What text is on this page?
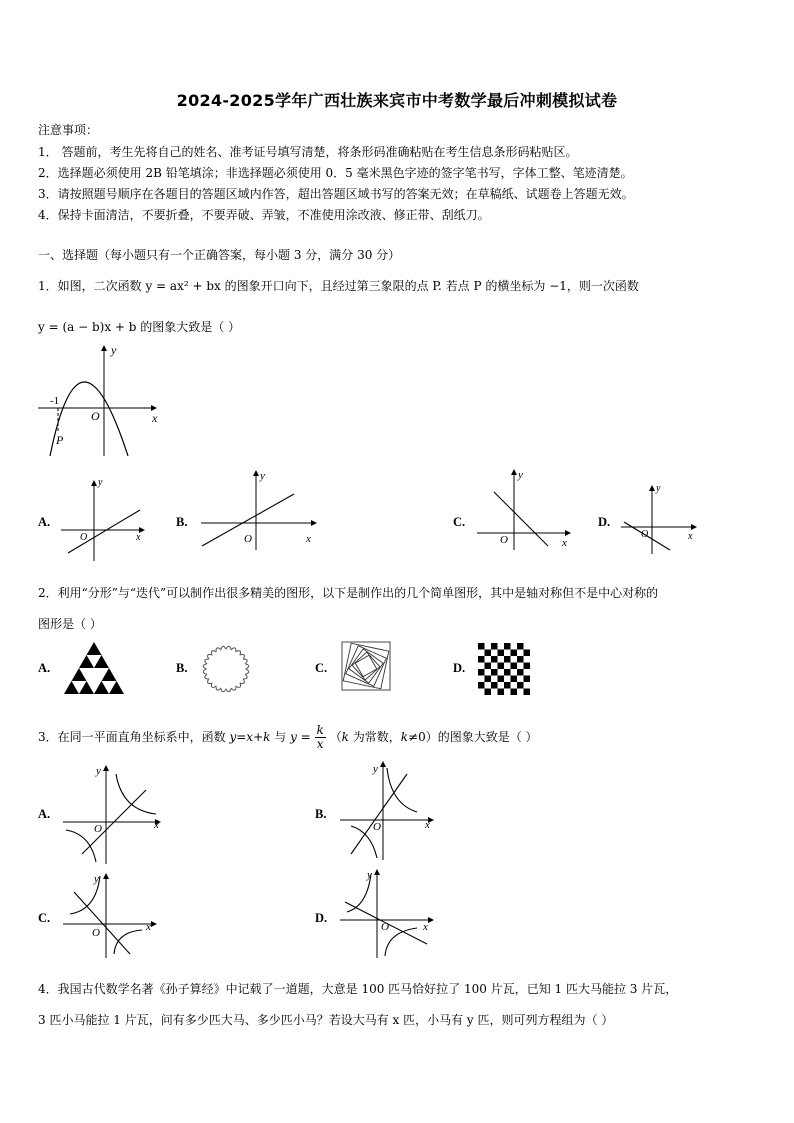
2024-2025学年广西壮族来宾市中考数学最后冲刺模拟试卷
注意事项：
1． 答题前，考生先将自己的姓名、准考证号填写清楚，将条形码准确粘贴在考生信息条形码粘贴区。
2．选择题必须使用 2B 铅笔填涂；非选择题必须使用 0．5 毫米黑色字迹的签字笔书写，字体工整、笔迹清楚。
3．请按照题号顺序在各题目的答题区域内作答，超出答题区域书写的答案无效；在草稿纸、试题卷上答题无效。
4．保持卡面清洁，不要折叠，不要弄破、弄皱，不准使用涂改液、修正带、刮纸刀。
一、选择题（每小题只有一个正确答案，每小题 3 分，满分 30 分）
1．如图，二次函数 y = ax² + bx 的图象开口向下，且经过第三象限的点 P. 若点 P 的横坐标为 −1，则一次函数
y = (a − b)x + b 的图象大致是（ ）
-1
O
P
x
y
A.
O	x
y
B.
O	x
y
C.
O	x
y
D.
O	x
y
2．利用“分形”与“迭代”可以制作出很多精美的图形，以下是制作出的几个简单图形，其中是轴对称但不是中心对称的
图形是（ ）
A.	B.	C.	D.
3．在同一平面直角坐标系中，函数 y=x+k 与 $y = \frac{k}{x} (k$ 为常数，k≠0）的图象大致是（ ）
A.
O	x
y
B.
O	x
y
C.
O	x
y
D.
O	x
y
4．我国古代数学名著《孙子算经》中记载了一道题，大意是 100 匹马恰好拉了 100 片瓦，已知 1 匹大马能拉 3 片瓦，
3 匹小马能拉 1 片瓦，问有多少匹大马、多少匹小马？若设大马有 x 匹，小马有 y 匹，则可列方程组为（ ）
